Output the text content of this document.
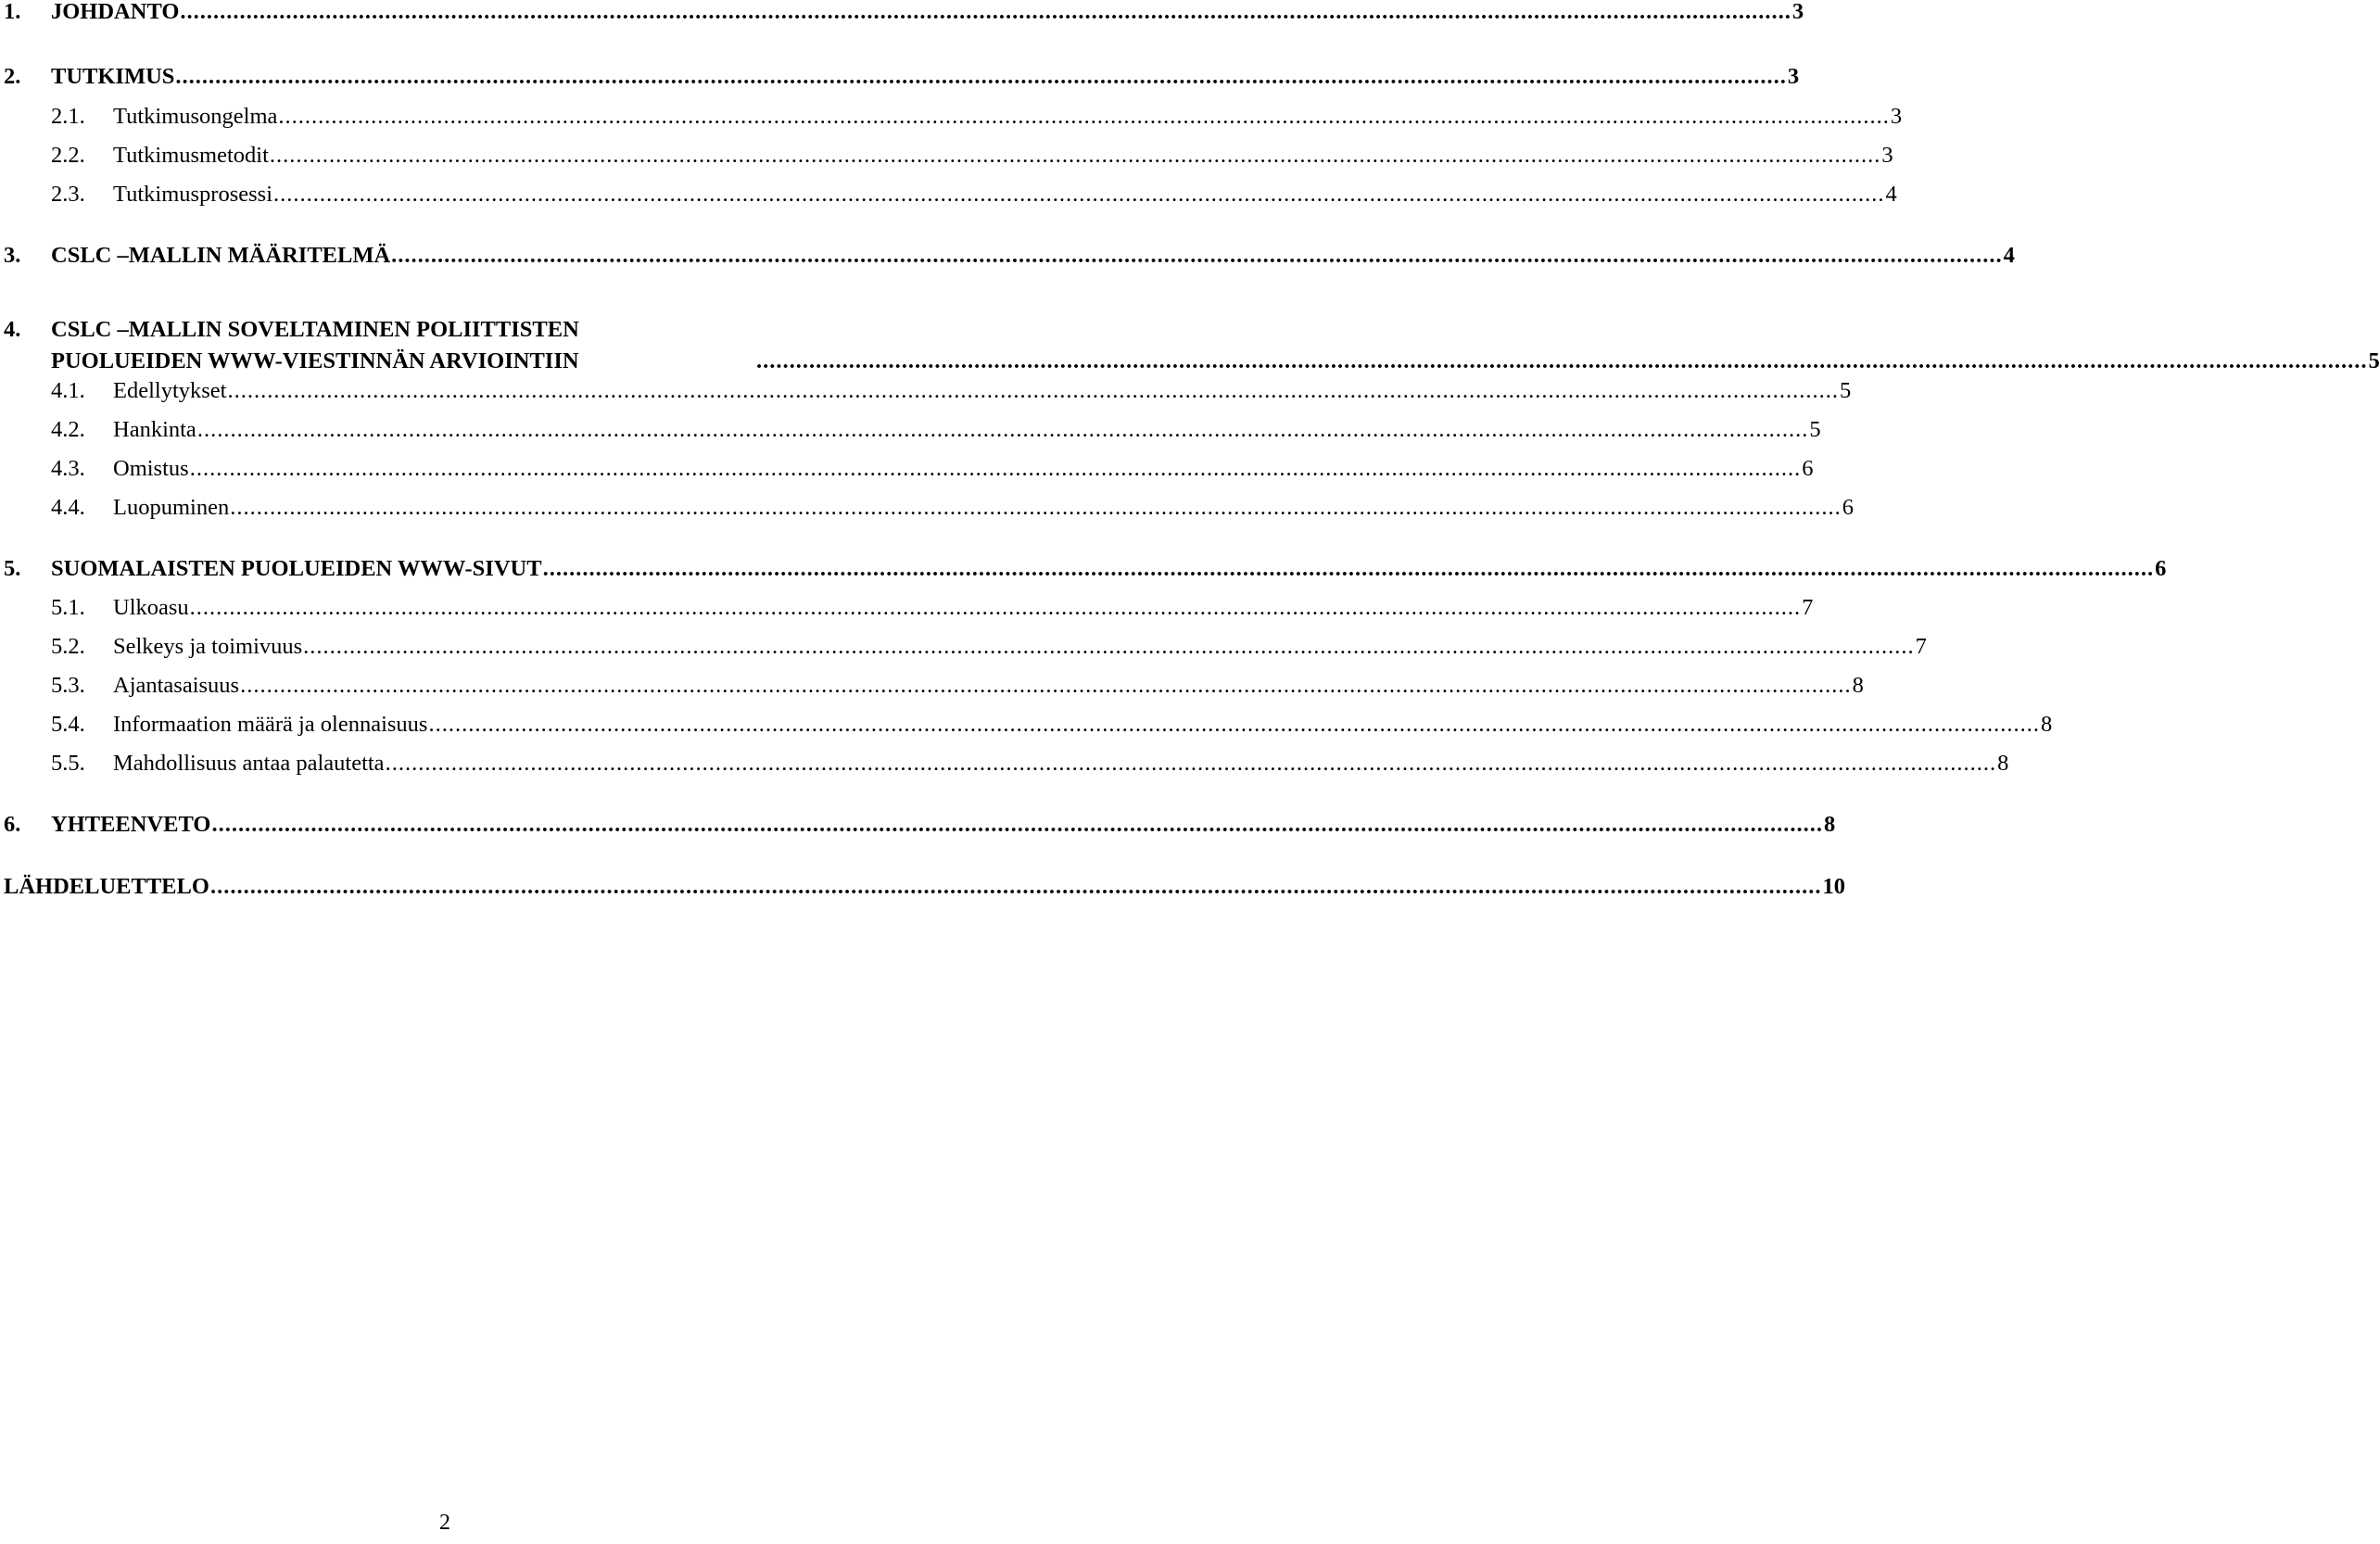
1.	JOHDANTO .....	3
2.	TUTKIMUS .....	3
2.1.	Tutkimusongelma .....	3
2.2.	Tutkimusmetodit .....	3
2.3.	Tutkimusprosessi .....	4
3.	CSLC –MALLIN MÄÄRITELMÄ .....	4
4.	CSLC –MALLIN SOVELTAMINEN POLIITTISTEN
PUOLUEIDEN WWW-VIESTINNÄN ARVIOINTIIN .....	5
4.1.	Edellytykset .....	5
4.2.	Hankinta .....	5
4.3.	Omistus .....	6
4.4.	Luopuminen .....	6
5.	SUOMALAISTEN PUOLUEIDEN WWW-SIVUT .....	6
5.1.	Ulkoasu .....	7
5.2.	Selkeys ja toimivuus .....	7
5.3.	Ajantasaisuus .....	8
5.4.	Informaation määrä ja olennaisuus .....	8
5.5.	Mahdollisuus antaa palautetta .....	8
6.	YHTEENVETO .....	8
LÄHDELUETTELO .....	10
2
